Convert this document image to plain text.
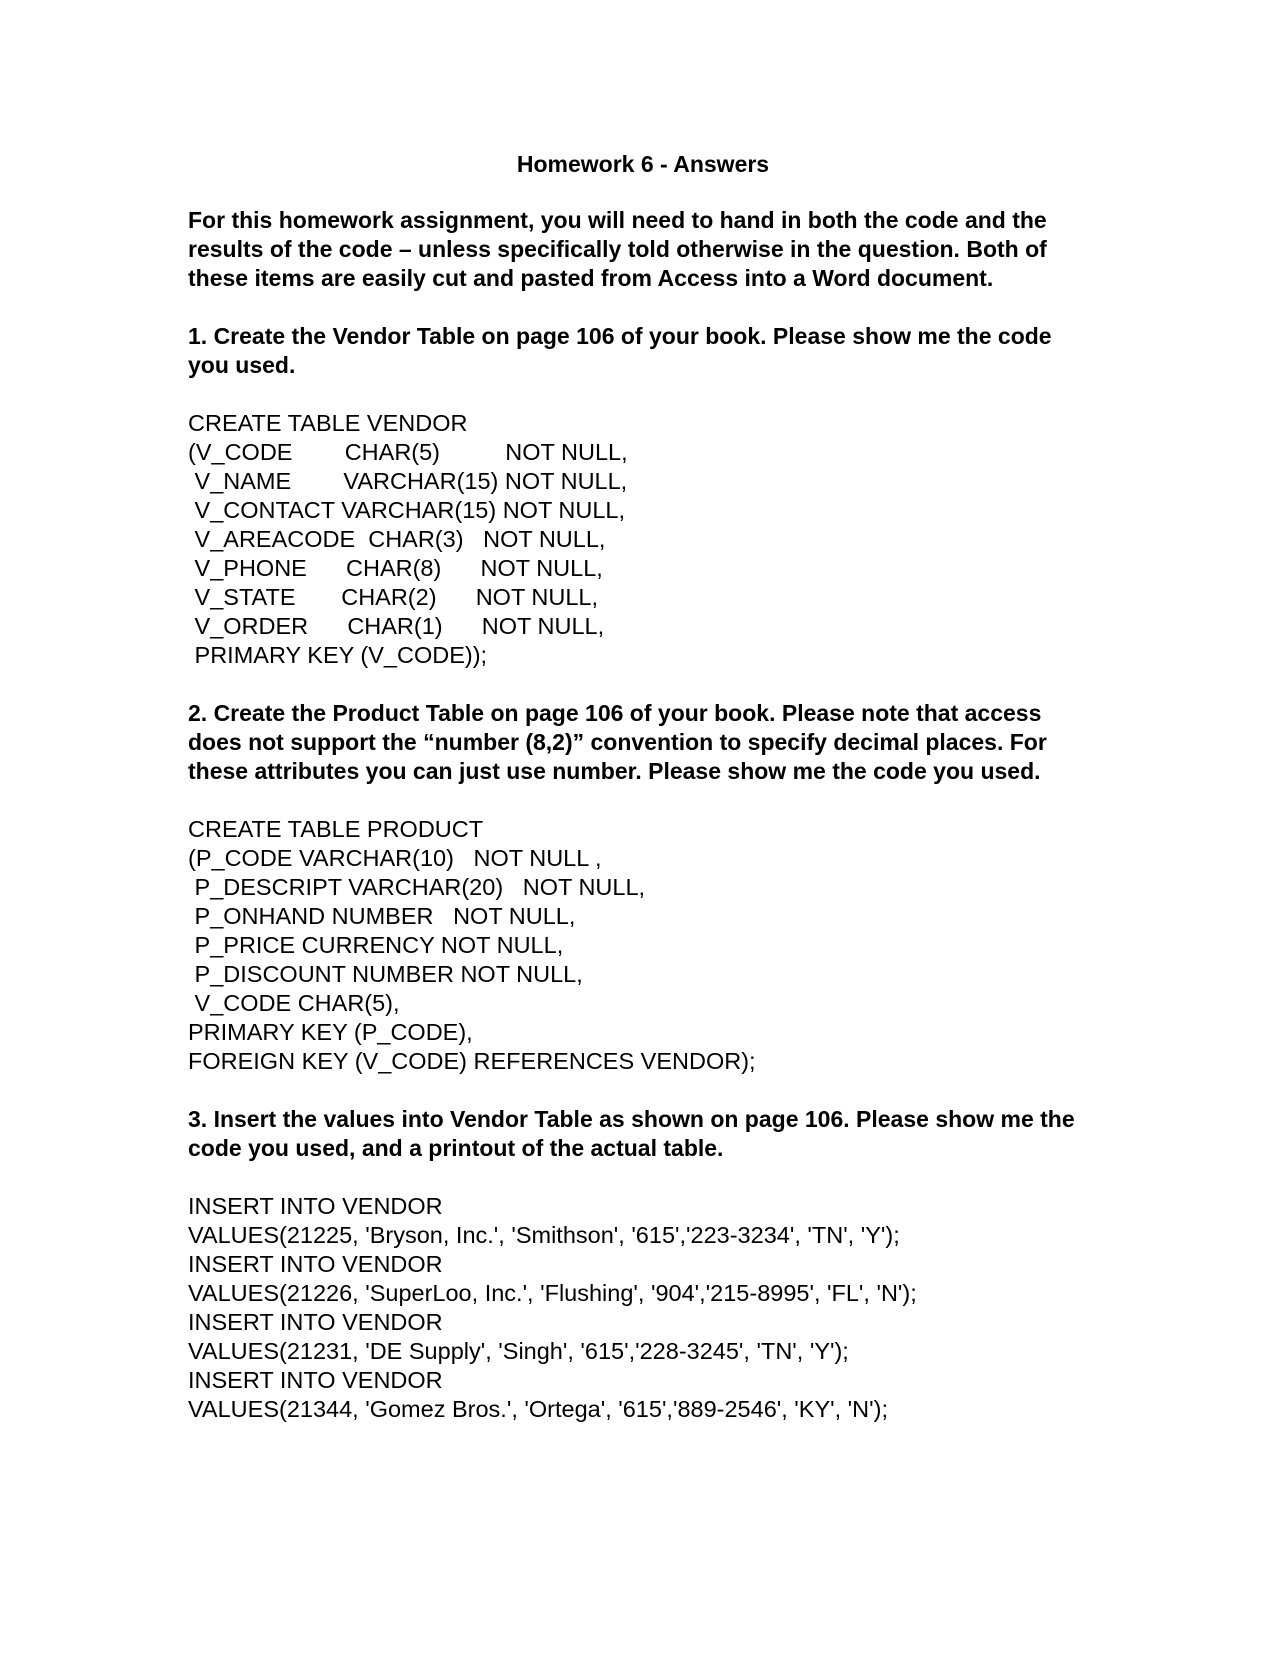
Homework 6 - Answers
For this homework assignment, you will need to hand in both the code and the results of the code – unless specifically told otherwise in the question. Both of these items are easily cut and pasted from Access into a Word document.
1. Create the Vendor Table on page 106 of your book. Please show me the code you used.
CREATE TABLE VENDOR
(V_CODE        CHAR(5)          NOT NULL,
V_NAME        VARCHAR(15) NOT NULL,
V_CONTACT VARCHAR(15) NOT NULL,
V_AREACODE  CHAR(3)   NOT NULL,
V_PHONE      CHAR(8)      NOT NULL,
V_STATE       CHAR(2)      NOT NULL,
V_ORDER      CHAR(1)      NOT NULL,
PRIMARY KEY (V_CODE));
2. Create the Product Table on page 106 of your book. Please note that access does not support the “number (8,2)” convention to specify decimal places. For these attributes you can just use number. Please show me the code you used.
CREATE TABLE PRODUCT
(P_CODE VARCHAR(10)   NOT NULL ,
P_DESCRIPT VARCHAR(20)   NOT NULL,
P_ONHAND NUMBER   NOT NULL,
P_PRICE CURRENCY NOT NULL,
P_DISCOUNT NUMBER NOT NULL,
V_CODE CHAR(5),
PRIMARY KEY (P_CODE),
FOREIGN KEY (V_CODE) REFERENCES VENDOR);
3. Insert the values into Vendor Table as shown on page 106. Please show me the code you used, and a printout of the actual table.
INSERT INTO VENDOR
VALUES(21225, 'Bryson, Inc.', 'Smithson', '615','223-3234', 'TN', 'Y');
INSERT INTO VENDOR
VALUES(21226, 'SuperLoo, Inc.', 'Flushing', '904','215-8995', 'FL', 'N');
INSERT INTO VENDOR
VALUES(21231, 'DE Supply', 'Singh', '615','228-3245', 'TN', 'Y');
INSERT INTO VENDOR
VALUES(21344, 'Gomez Bros.', 'Ortega', '615','889-2546', 'KY', 'N');
